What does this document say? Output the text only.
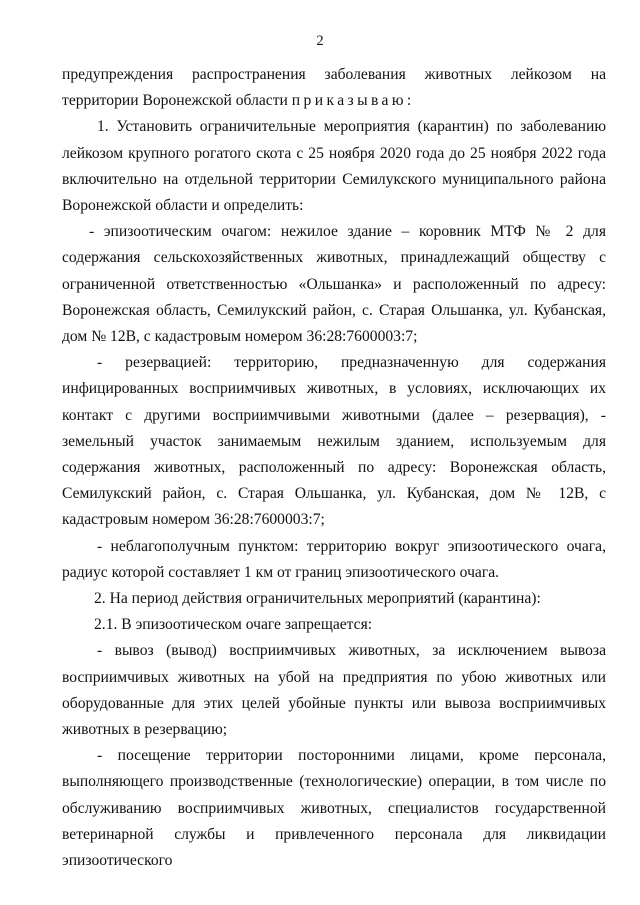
2

предупреждения распространения заболевания животных лейкозом на территории Воронежской области приказываю:

1. Установить ограничительные мероприятия (карантин) по заболеванию лейкозом крупного рогатого скота с 25 ноября 2020 года до 25 ноября 2022 года включительно на отдельной территории Семилукского муниципального района Воронежской области и определить:

- эпизоотическим очагом: нежилое здание – коровник МТФ № 2 для содержания сельскохозяйственных животных, принадлежащий обществу с ограниченной ответственностью «Ольшанка» и расположенный по адресу: Воронежская область, Семилукский район, с. Старая Ольшанка, ул. Кубанская, дом № 12В, с кадастровым номером 36:28:7600003:7;

- резервацией: территорию, предназначенную для содержания инфицированных восприимчивых животных, в условиях, исключающих их контакт с другими восприимчивыми животными (далее – резервация), - земельный участок занимаемым нежилым зданием, используемым для содержания животных, расположенный по адресу: Воронежская область, Семилукский район, с. Старая Ольшанка, ул. Кубанская, дом № 12В, с кадастровым номером 36:28:7600003:7;

- неблагополучным пунктом: территорию вокруг эпизоотического очага, радиус которой составляет 1 км от границ эпизоотического очага.

2. На период действия ограничительных мероприятий (карантина):

2.1. В эпизоотическом очаге запрещается:

- вывоз (вывод) восприимчивых животных, за исключением вывоза восприимчивых животных на убой на предприятия по убою животных или оборудованные для этих целей убойные пункты или вывоза восприимчивых животных в резервацию;

- посещение территории посторонними лицами, кроме персонала, выполняющего производственные (технологические) операции, в том числе по обслуживанию восприимчивых животных, специалистов государственной ветеринарной службы и привлеченного персонала для ликвидации эпизоотического
